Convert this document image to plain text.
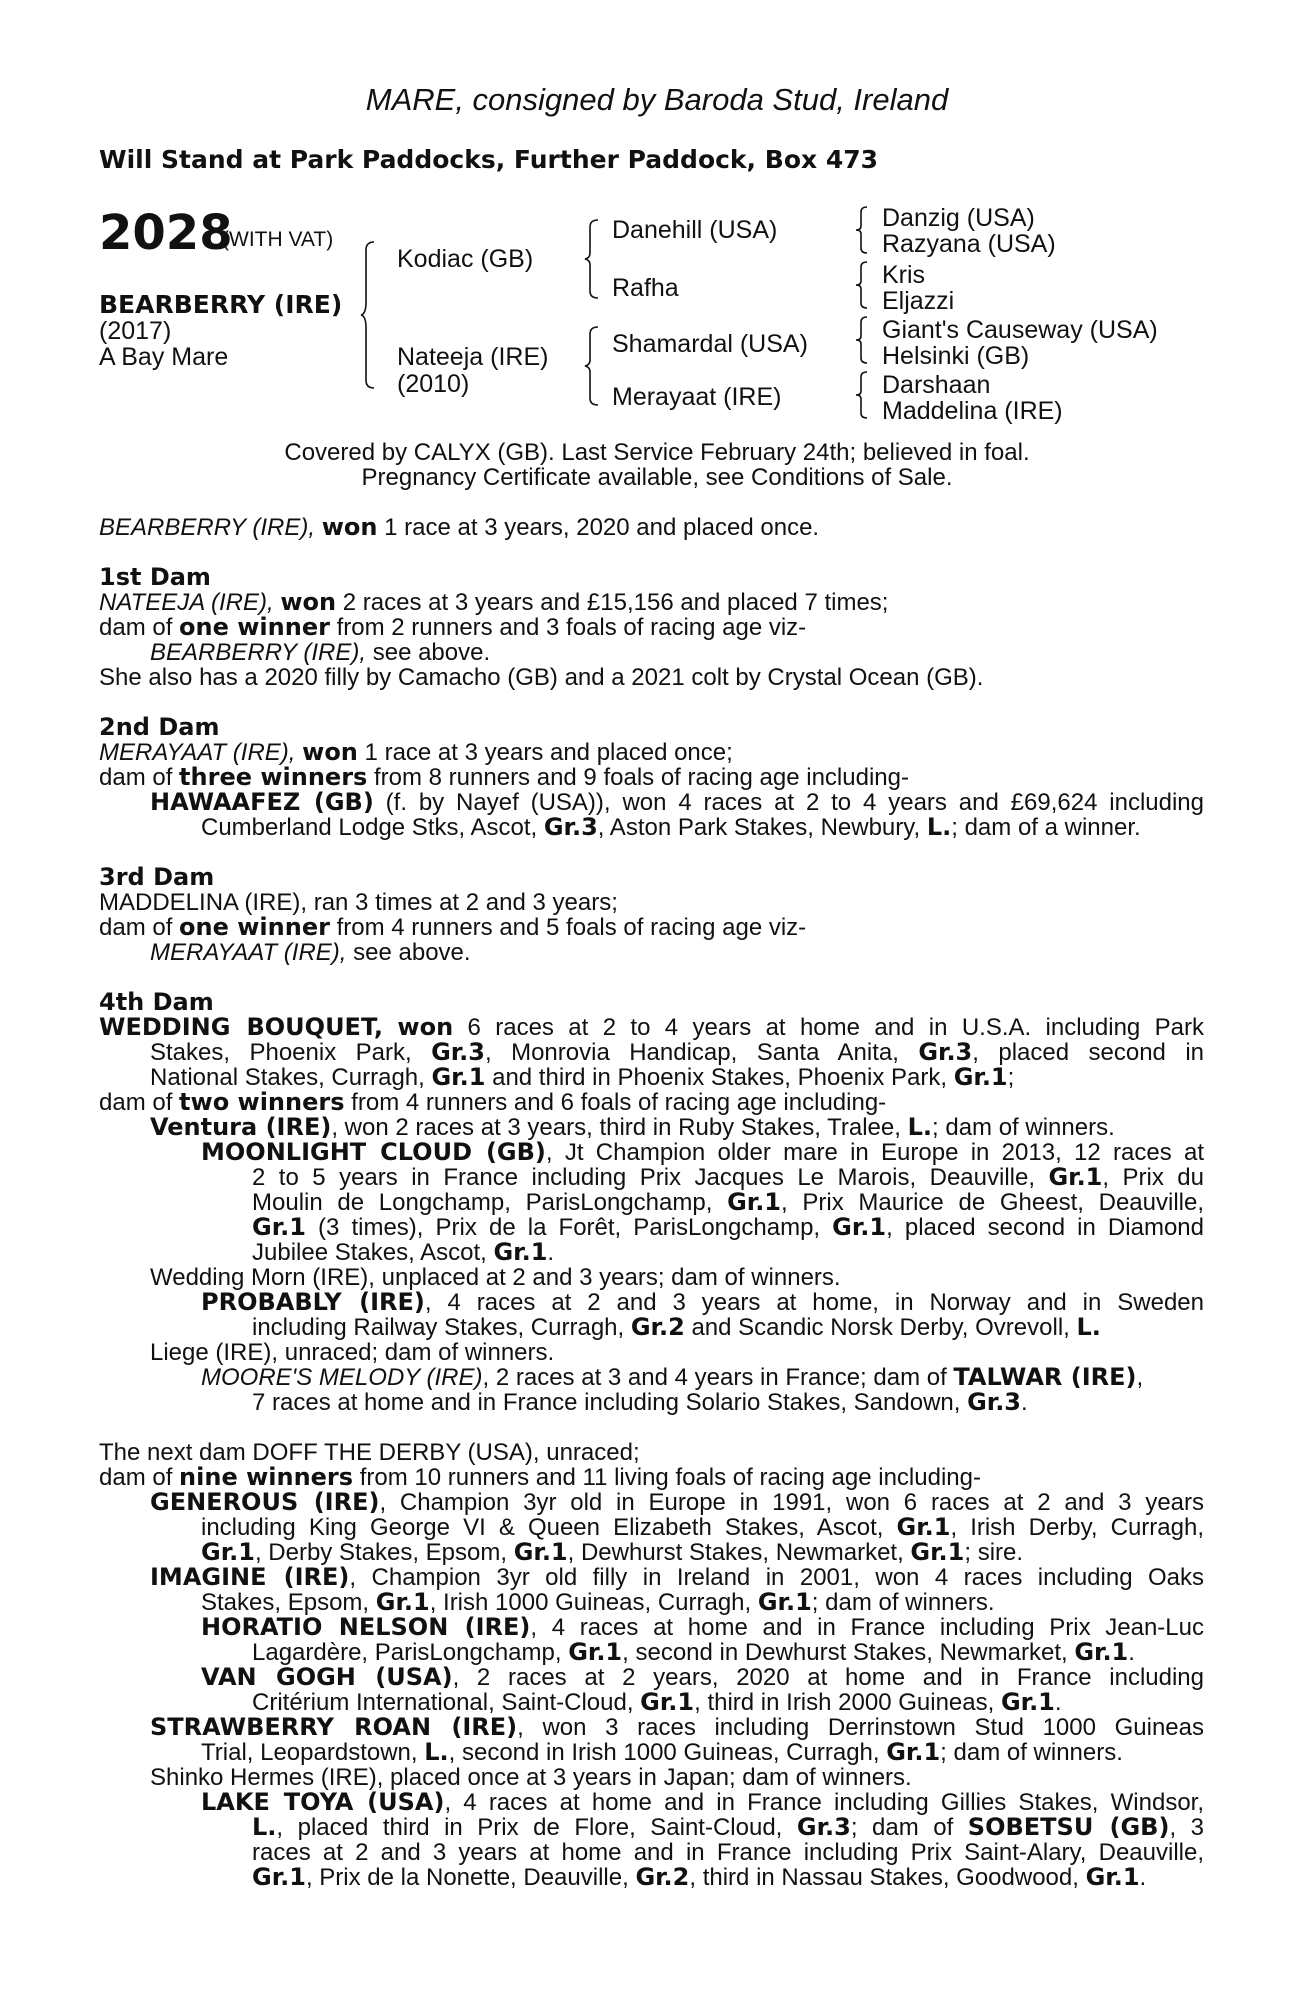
MARE, consigned by Baroda Stud, Ireland
Will Stand at Park Paddocks, Further Paddock, Box 473
2028
(WITH VAT)
BEARBERRY (IRE)
(2017)
A Bay Mare
Kodiac (GB)
Nateeja (IRE)
(2010)
Danehill (USA)
Rafha
Shamardal (USA)
Merayaat (IRE)
Danzig (USA)
Razyana (USA)
Kris
Eljazzi
Giant's Causeway (USA)
Helsinki (GB)
Darshaan
Maddelina (IRE)
Covered by CALYX (GB). Last Service February 24th; believed in foal.
Pregnancy Certificate available, see Conditions of Sale.
BEARBERRY (IRE), won 1 race at 3 years, 2020 and placed once.
1st Dam
NATEEJA (IRE), won 2 races at 3 years and £15,156 and placed 7 times;
dam of one winner from 2 runners and 3 foals of racing age viz-
BEARBERRY (IRE), see above.
She also has a 2020 filly by Camacho (GB) and a 2021 colt by Crystal Ocean (GB).
2nd Dam
MERAYAAT (IRE), won 1 race at 3 years and placed once;
dam of three winners from 8 runners and 9 foals of racing age including-
HAWAAFEZ (GB) (f. by Nayef (USA)), won 4 races at 2 to 4 years and £69,624 including
Cumberland Lodge Stks, Ascot, Gr.3, Aston Park Stakes, Newbury, L.; dam of a winner.
3rd Dam
MADDELINA (IRE), ran 3 times at 2 and 3 years;
dam of one winner from 4 runners and 5 foals of racing age viz-
MERAYAAT (IRE), see above.
4th Dam
WEDDING BOUQUET, won 6 races at 2 to 4 years at home and in U.S.A. including Park
Stakes, Phoenix Park, Gr.3, Monrovia Handicap, Santa Anita, Gr.3, placed second in
National Stakes, Curragh, Gr.1 and third in Phoenix Stakes, Phoenix Park, Gr.1;
dam of two winners from 4 runners and 6 foals of racing age including-
Ventura (IRE), won 2 races at 3 years, third in Ruby Stakes, Tralee, L.; dam of winners.
MOONLIGHT CLOUD (GB), Jt Champion older mare in Europe in 2013, 12 races at
2 to 5 years in France including Prix Jacques Le Marois, Deauville, Gr.1, Prix du
Moulin de Longchamp, ParisLongchamp, Gr.1, Prix Maurice de Gheest, Deauville,
Gr.1 (3 times), Prix de la Forêt, ParisLongchamp, Gr.1, placed second in Diamond
Jubilee Stakes, Ascot, Gr.1.
Wedding Morn (IRE), unplaced at 2 and 3 years; dam of winners.
PROBABLY (IRE), 4 races at 2 and 3 years at home, in Norway and in Sweden
including Railway Stakes, Curragh, Gr.2 and Scandic Norsk Derby, Ovrevoll, L.
Liege (IRE), unraced; dam of winners.
MOORE'S MELODY (IRE), 2 races at 3 and 4 years in France; dam of TALWAR (IRE),
7 races at home and in France including Solario Stakes, Sandown, Gr.3.
The next dam DOFF THE DERBY (USA), unraced;
dam of nine winners from 10 runners and 11 living foals of racing age including-
GENEROUS (IRE), Champion 3yr old in Europe in 1991, won 6 races at 2 and 3 years
including King George VI & Queen Elizabeth Stakes, Ascot, Gr.1, Irish Derby, Curragh,
Gr.1, Derby Stakes, Epsom, Gr.1, Dewhurst Stakes, Newmarket, Gr.1; sire.
IMAGINE (IRE), Champion 3yr old filly in Ireland in 2001, won 4 races including Oaks
Stakes, Epsom, Gr.1, Irish 1000 Guineas, Curragh, Gr.1; dam of winners.
HORATIO NELSON (IRE), 4 races at home and in France including Prix Jean-Luc
Lagardère, ParisLongchamp, Gr.1, second in Dewhurst Stakes, Newmarket, Gr.1.
VAN GOGH (USA), 2 races at 2 years, 2020 at home and in France including
Critérium International, Saint-Cloud, Gr.1, third in Irish 2000 Guineas, Gr.1.
STRAWBERRY ROAN (IRE), won 3 races including Derrinstown Stud 1000 Guineas
Trial, Leopardstown, L., second in Irish 1000 Guineas, Curragh, Gr.1; dam of winners.
Shinko Hermes (IRE), placed once at 3 years in Japan; dam of winners.
LAKE TOYA (USA), 4 races at home and in France including Gillies Stakes, Windsor,
L., placed third in Prix de Flore, Saint-Cloud, Gr.3; dam of SOBETSU (GB), 3
races at 2 and 3 years at home and in France including Prix Saint-Alary, Deauville,
Gr.1, Prix de la Nonette, Deauville, Gr.2, third in Nassau Stakes, Goodwood, Gr.1.
